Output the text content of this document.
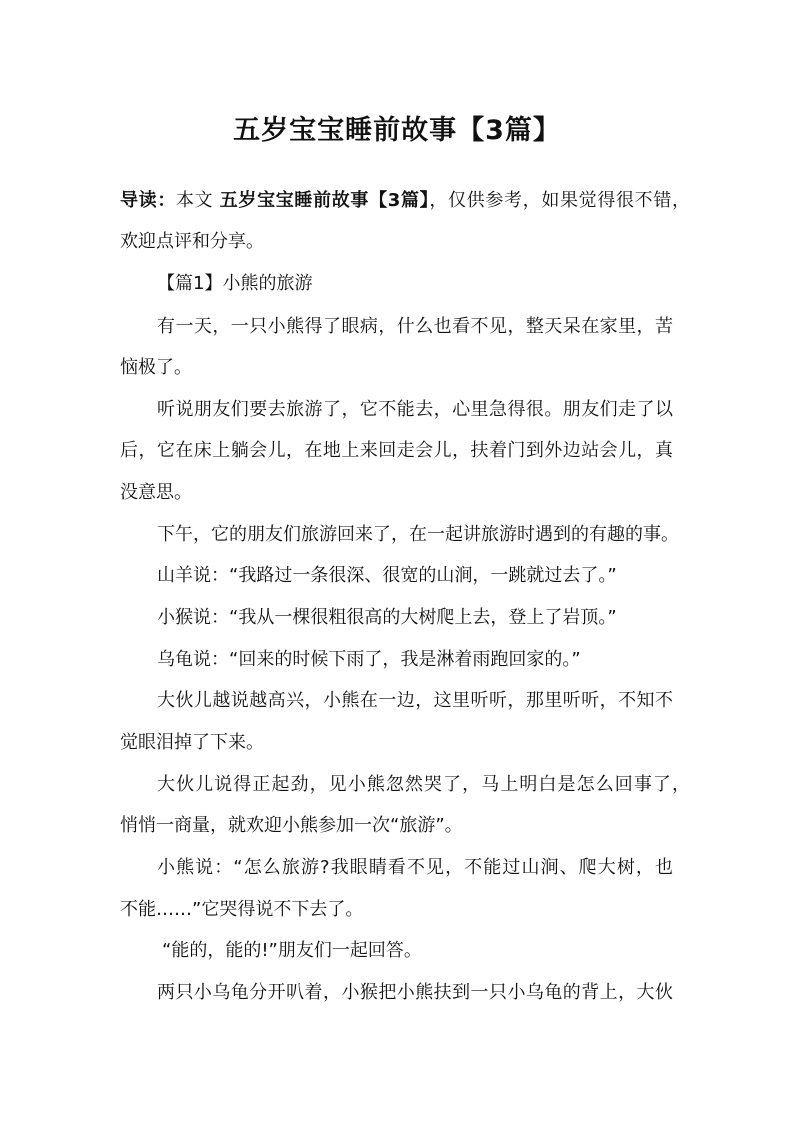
五岁宝宝睡前故事【3篇】
导读：本文 五岁宝宝睡前故事【3篇】，仅供参考，如果觉得很不错，
欢迎点评和分享。
【篇1】小熊的旅游
有一天，一只小熊得了眼病，什么也看不见，整天呆在家里，苦
恼极了。
听说朋友们要去旅游了，它不能去，心里急得很。朋友们走了以
后，它在床上躺会儿，在地上来回走会儿，扶着门到外边站会儿，真
没意思。
下午，它的朋友们旅游回来了，在一起讲旅游时遇到的有趣的事。
山羊说：“我路过一条很深、很宽的山涧，一跳就过去了。”
小猴说：“我从一棵很粗很高的大树爬上去，登上了岩顶。”
乌龟说：“回来的时候下雨了，我是淋着雨跑回家的。”
大伙儿越说越高兴，小熊在一边，这里听听，那里听听，不知不
觉眼泪掉了下来。
大伙儿说得正起劲，见小熊忽然哭了，马上明白是怎么回事了，
悄悄一商量，就欢迎小熊参加一次“旅游”。
小熊说：“怎么旅游?我眼睛看不见，不能过山涧、爬大树，也
不能……”它哭得说不下去了。
“能的，能的!”朋友们一起回答。
两只小乌龟分开叭着，小猴把小熊扶到一只小乌龟的背上，大伙
